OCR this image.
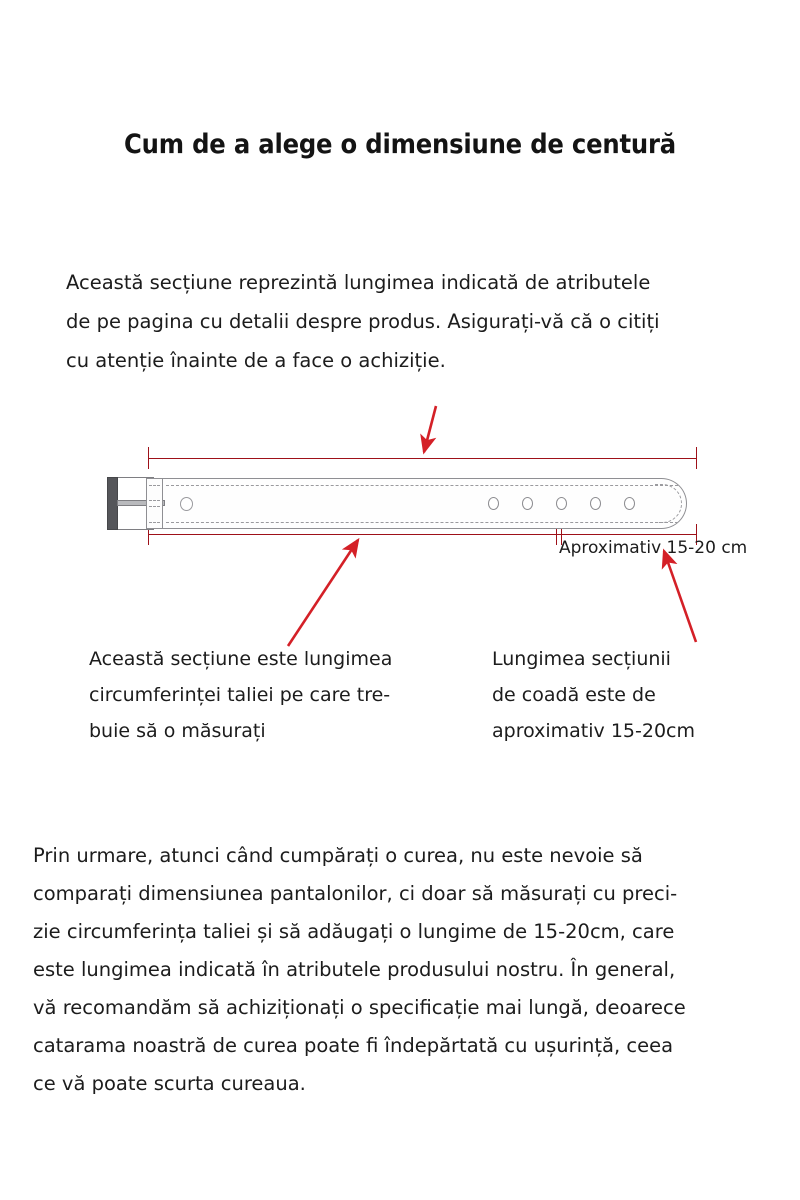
Cum de a alege o dimensiune de centură
Această secțiune reprezintă lungimea indicată de atributele
de pe pagina cu detalii despre produs. Asigurați-vă că o citiți
cu atenție înainte de a face o achiziție.
Aproximativ 15-20 cm
Această secțiune este lungimea
circumferinței taliei pe care tre-
buie să o măsurați
Lungimea secțiunii
de coadă este de
aproximativ 15-20cm
Prin urmare, atunci când cumpărați o curea, nu este nevoie să
comparați dimensiunea pantalonilor, ci doar să măsurați cu preci-
zie circumferința taliei și să adăugați o lungime de 15-20cm, care
este lungimea indicată în atributele produsului nostru. În general,
vă recomandăm să achiziționați o specificație mai lungă, deoarece
catarama noastră de curea poate fi îndepărtată cu ușurință, ceea
ce vă poate scurta cureaua.
